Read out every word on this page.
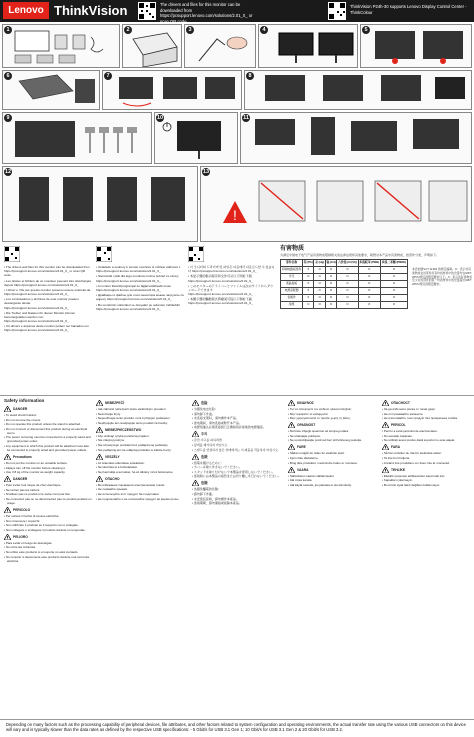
Lenovo ThinkVision	The drivers and files for this monitor can be downloaded from https://pcsupport.lenovo.com/solutions/2.01_0_ or scan QR code
ThinkVision P24h-30 supports Lenovo Display Control Center - ThinkColour
1	2	3	4	5
6	7	8
9	10	11
12	13
!

• The drivers and files for this monitor can be downloaded from https://pcsupport.lenovo.com/solutions/2.01_0_ or scan QR code.

• Les pilotes et fichiers de ce moniteur peuvent être téléchargés depuis https://pcsupport.lenovo.com/solutions/2.01_0_

• I driver e i file per questo monitor possono essere scaricati da https://pcsupport.lenovo.com/solutions/2.01_0_

• Los controladores y archivos de este monitor pueden descargarse desde https://pcsupport.lenovo.com/solutions/2.01_0_

• Die Treiber und Dateien für diesen Monitor können heruntergeladen werden von https://pcsupport.lenovo.com/solutions/2.01_0_

• Os drivers e arquivos deste monitor podem ser baixados em https://pcsupport.lenovo.com/solutions/2.01_0_

• Ovladače a soubory k tomuto monitoru si můžete stáhnout z https://pcsupport.lenovo.com/solutions/2.01_0_

• Sterowniki i pliki dla tego monitora można pobrać ze strony https://pcsupport.lenovo.com/solutions/2.01_0_

• A monitor illesztőprogramjai és fájljai letölthetők innen https://pcsupport.lenovo.com/solutions/2.01_0_

• Драйверы и файлы для этого монитора можно загрузить по адресу https://pcsupport.lenovo.com/solutions/2.01_0_

• Bu monitörün sürücüleri ve dosyaları şu adresten indirilebilir https://pcsupport.lenovo.com/solutions/2.01_0_

• 이 모니터의 드라이버 및 파일은 다음에서 다운로드할 수 있습니다 https://pcsupport.lenovo.com/solutions/2.01_0_

• 本显示器的驱动程序和文件可从以下网址下载 https://pcsupport.lenovo.com/solutions/2.01_0_

• このモニターのドライバーとファイルは次のサイトからダウンロードできます https://pcsupport.lenovo.com/solutions/2.01_0_

• 本顯示器的驅動程式與檔案可從以下網址下載 https://pcsupport.lenovo.com/solutions/2.01_0_

有害物质
为满足中国电子电气产品有害物质限制相关的法律法规和其他要求，联想对本产品中有害物质，按部件分类，声明如下。
部件名称	铅 (Pb)	汞 (Hg)	镉 (Cd)	六价铬 (Cr(VI))	多溴联苯 (PBB)	多溴二苯醚 (PBDE)
印刷电路板组件	X	O	O	O	O	O
外壳	O	O	O	O	O	O
液晶面板	X	O	O	O	O	O
电源适配器	X	O	O	O	O	O
金属件	X	O	O	O	O	O
线缆	O	O	O	O	O	O
本表依据SJ/T 11364 的规定编制。O：表示该有害物质在该部件所有均质材料中的含量均在GB/T 26572规定的限量要求以下。X：表示该有害物质至少在该部件的某一均质材料中的含量超出GB/T 26572规定的限量要求。
Safety information
DANGER
• To avoid shock hazard:
• Do not remove the covers.
• Do not operate this product unless the stand is attached.
• Do not connect or disconnect this product during an electrical storm.
• The power cord plug must be connected to a properly wired and grounded power outlet.
• Any equipment to which this product will be attached must also be connected to properly wired and grounded power outlets.
Precautions
• Do not put the monitor on an unstable surface.
• Always turn off the monitor before cleaning it.
• Use 3.8 kg of the monitor as weight capacity.
DANGER
• Pour éviter tout risque de choc électrique :
• Ne retirez pas les carters.
• N'utilisez pas ce produit si le socle n'est pas fixé.
• Ne connectez pas ou ne déconnectez pas ce produit pendant un orage.
PERICOLO
• Per evitare il rischio di scosse elettriche:
• Non rimuovere i coperchi.
• Non utilizzare il prodotto se il supporto non è collegato.
• Non collegare o scollegare il prodotto durante un temporale.
PELIGRO
• Para evitar el riesgo de descargas:
• No retire las cubiertas.
• No utilice este producto si el soporte no está montado.
• No conecte ni desconecte este producto durante una tormenta eléctrica.
NEBEZPEČÍ
• Jak zabránit nebezpečí úrazu elektrickým proudem:
• Nesnímejte kryty.
• Nepoužívejte tento produkt, není-li připojen podstavec.
• Nepřipojujte ani neodpojujte tento produkt za bouřky.
NIEBEZPIECZEŃSTWO
• Aby uniknąć ryzyka porażenia prądem:
• Nie zdejmuj pokryw.
• Nie używaj tego produktu bez podłączonej podstawy.
• Nie podłączaj ani nie odłączaj produktu w trakcie burzy.
VESZÉLY
• Az áramütés elkerülése érdekében:
• Ne távolítsa el a burkolatokat.
• Ne használja a terméket, ha az állvány nincs felszerelve.
ОПАСНО
• Во избежание поражения электрическим током:
• Не снимайте крышки.
• Не используйте этот продукт без подставки.
• Не подключайте и не отключайте продукт во время грозы.
危险
• 为避免电击危险：
• 请勿卸下外盖。
• 未连接支架时，请勿操作本产品。
• 雷电期间，请勿连接或断开本产品。
• 电源线插头必须连接到已正确接线并接地的电源插座。
주의
• 감전 사고를 피하려면:
• 덮개를 제거하지 마십시오.
• 스탠드를 연결하지 않은 상태에서는 이 제품을 작동하지 마십시오.
危険
• 感電を避けるために:
• カバーを取り外さないでください。
• スタンドを取り付けないで本製品を使用しないでください。
• 雷雨時には本製品の接続または切り離しを行わないでください。
危險
• 為避免觸電的危險：
• 請勿卸下外蓋。
• 未安裝底座時，請勿操作本產品。
• 雷雨期間，請勿連接或拔除本產品。
ΚΙΝΔΥΝΟΣ
• Για να αποφύγετε τον κίνδυνο ηλεκτροπληξίας:
• Μην αφαιρείτε τα καλύμματα.
• Μην χρησιμοποιείτε το προϊόν χωρίς τη βάση.
OPASNOST
• Da biste izbjegli opasnost od strujnog udara:
• Ne uklanjajte poklopce.
• Ne upotrebljavajte proizvod bez pričvršćenog postolja.
FARE
• Sådan undgår du risiko for elektrisk stød:
• Fjern ikke dækslerne.
• Brug ikke produktet, medmindre foden er monteret.
VAARA
• Sähköiskun vaaran välttämiseksi:
• Älä irrota kansia.
• Älä käytä tuotetta, jos jalustaa ei ole kiinnitetty.
ОПАСНОСТ
• За да избегнете риска от токов удар:
• Не отстранявайте капаците.
• Не използвайте този продукт без прикрепена стойка.
PERICOL
• Pentru a evita pericolul de electrocutare:
• Nu scoateți capacele.
• Nu utilizați acest produs dacă suportul nu este atașat.
FARA
• Så här undviker du risk för elektriska stötar:
• Ta inte bort höljena.
• Använd inte produkten om foten inte är monterad.
TEHLİKE
• Elektrik çarpması tehlikesinden kaçınmak için:
• Kapakları çıkarmayın.
• Bu ürünü ayak takılı değilken kullanmayın.
Depending on many factors such as the processing capability of peripheral devices, file attributes, and other factors related to system configuration and operating environments, the actual transfer rate using the various USB connectors on this device will vary and is typically slower than the data rates as defined by the respective USB specifications: - 5 Gbit/s for USB 3.1 Gen 1; 10 Gbit/s for USB 3.1 Gen 2 & 20 Gbit/s for USB 3.2.
